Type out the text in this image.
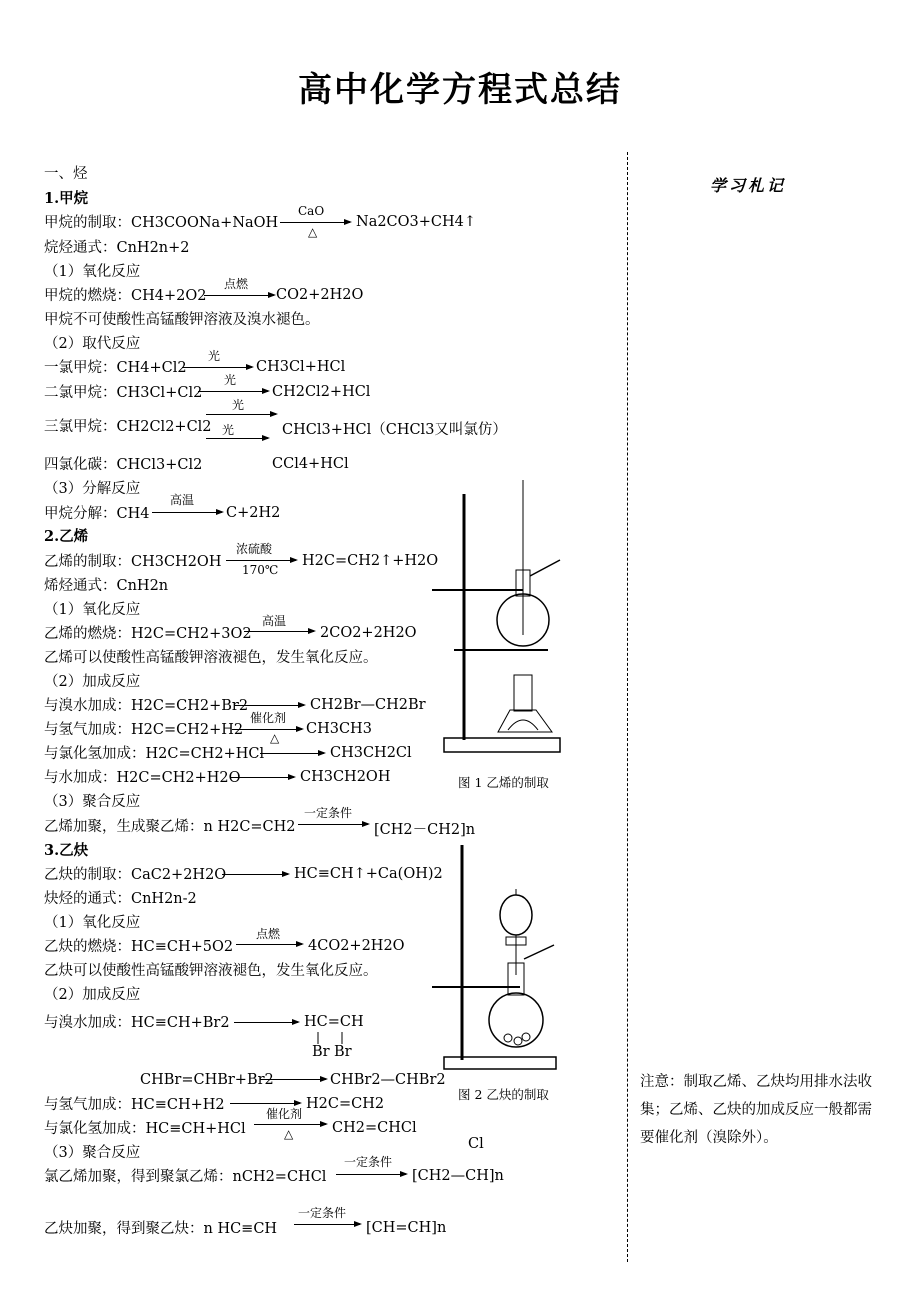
高中化学方程式总结
学习札记
注意：制取乙烯、乙炔均用排水法收集；乙烯、乙炔的加成反应一般都需要催化剂（溴除外）。
一、烃
1.甲烷
甲烷的制取：CH3COONa+NaOH
CaO
△
Na2CO3+CH4↑
烷烃通式：CnH2n+2
（1）氧化反应
甲烷的燃烧：CH4+2O2
点燃
CO2+2H2O
甲烷不可使酸性高锰酸钾溶液及溴水褪色。
（2）取代反应
一氯甲烷：CH4+Cl2
光
CH3Cl+HCl
二氯甲烷：CH3Cl+Cl2
光
CH2Cl2+HCl
三氯甲烷：CH2Cl2+Cl2
光
光	CHCl3+HCl（CHCl3又叫氯仿）
四氯化碳：CHCl3+Cl2	CCl4+HCl
（3）分解反应
甲烷分解：CH4
高温
C+2H2
2.乙烯
乙烯的制取：CH3CH2OH
浓硫酸
170℃
H2C=CH2↑+H2O
烯烃通式：CnH2n
（1）氧化反应
乙烯的燃烧：H2C=CH2+3O2
高温
2CO2+2H2O
乙烯可以使酸性高锰酸钾溶液褪色，发生氧化反应。
（2）加成反应
与溴水加成：H2C=CH2+Br2	CH2Br—CH2Br
与氢气加成：H2C=CH2+H2
催化剂
△
CH3CH3
与氯化氢加成：H2C=CH2+HCl → CH3CH2Cl
与水加成：H2C=CH2+H2O → CH3CH2OH
（3）聚合反应
乙烯加聚，生成聚乙烯：n H2C=CH2
一定条件
[CH2－CH2]n
3.乙炔
乙炔的制取：CaC2+2H2O	HC≡CH↑+Ca(OH)2
炔烃的通式：CnH2n-2
（1）氧化反应
乙炔的燃烧：HC≡CH+5O2
点燃
4CO2+2H2O
乙炔可以使酸性高锰酸钾溶液褪色，发生氧化反应。
（2）加成反应
与溴水加成：HC≡CH+Br2 → HC=CH
Br Br
CHBr=CHBr+Br2	CHBr2—CHBr2
与氢气加成：HC≡CH+H2	H2C=CH2
与氯化氢加成：HC≡CH+HCl
催化剂
△	CH2=CHCl
（3）聚合反应
氯乙烯加聚，得到聚氯乙烯：nCH2=CHCl
一定条件
Cl
[CH2—CH]n
乙炔加聚，得到聚乙炔：n HC≡CH
一定条件
[CH=CH]n
图 1 乙烯的制取
图 2 乙炔的制取
